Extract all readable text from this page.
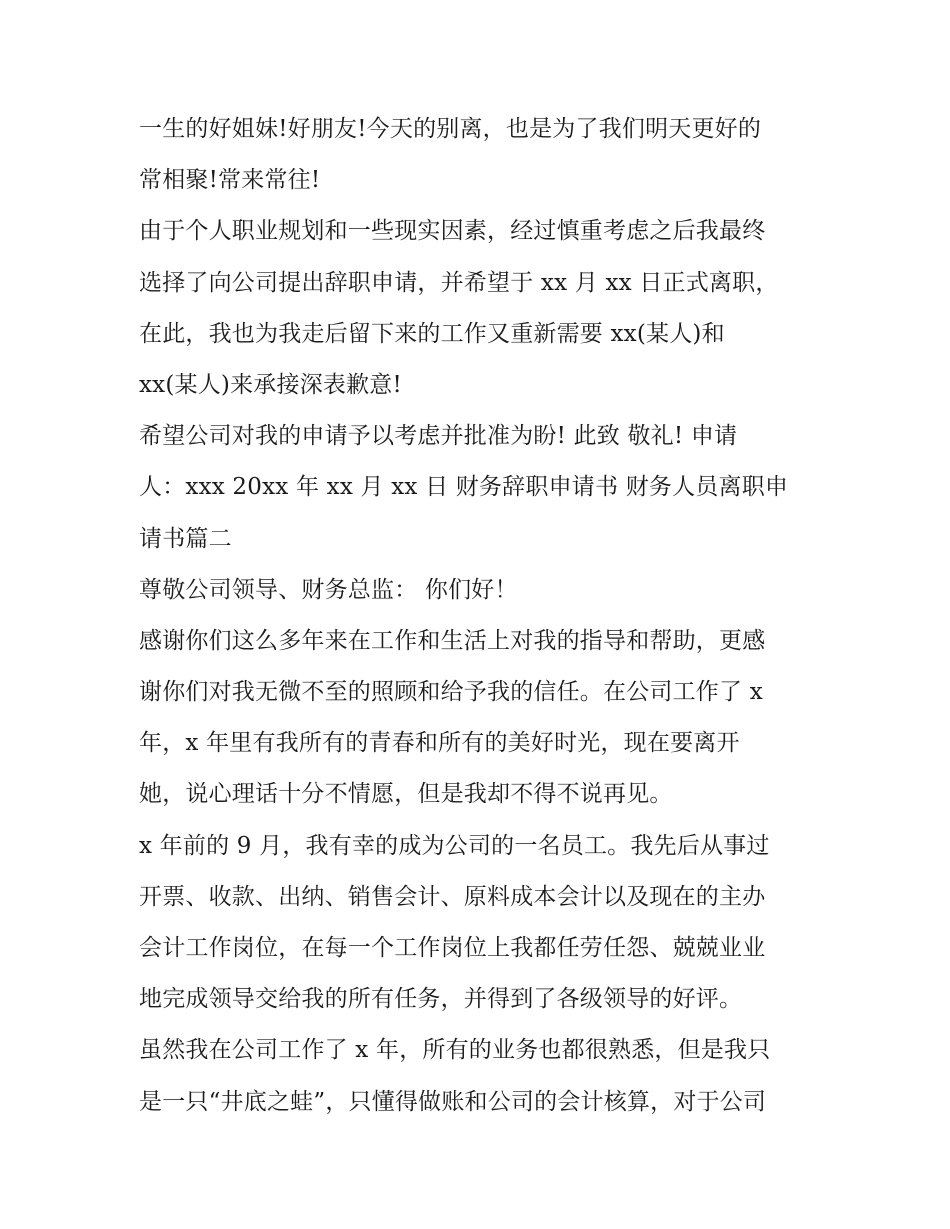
一生的好姐妹!好朋友!今天的别离，也是为了我们明天更好的
常相聚!常来常往!
由于个人职业规划和一些现实因素，经过慎重考虑之后我最终
选择了向公司提出辞职申请，并希望于 xx 月 xx 日正式离职，
在此，我也为我走后留下来的工作又重新需要 xx(某人)和
xx(某人)来承接深表歉意!
希望公司对我的申请予以考虑并批准为盼! 此致 敬礼! 申请
人：xxx 20xx 年 xx 月 xx 日 财务辞职申请书 财务人员离职申
请书篇二
尊敬公司领导、财务总监： 你们好！
感谢你们这么多年来在工作和生活上对我的指导和帮助，更感
谢你们对我无微不至的照顾和给予我的信任。在公司工作了 x
年，x 年里有我所有的青春和所有的美好时光，现在要离开
她，说心理话十分不情愿，但是我却不得不说再见。
x 年前的 9 月，我有幸的成为公司的一名员工。我先后从事过
开票、收款、出纳、销售会计、原料成本会计以及现在的主办
会计工作岗位，在每一个工作岗位上我都任劳任怨、兢兢业业
地完成领导交给我的所有任务，并得到了各级领导的好评。
虽然我在公司工作了 x 年，所有的业务也都很熟悉，但是我只
是一只“井底之蛙”，只懂得做账和公司的会计核算，对于公司
